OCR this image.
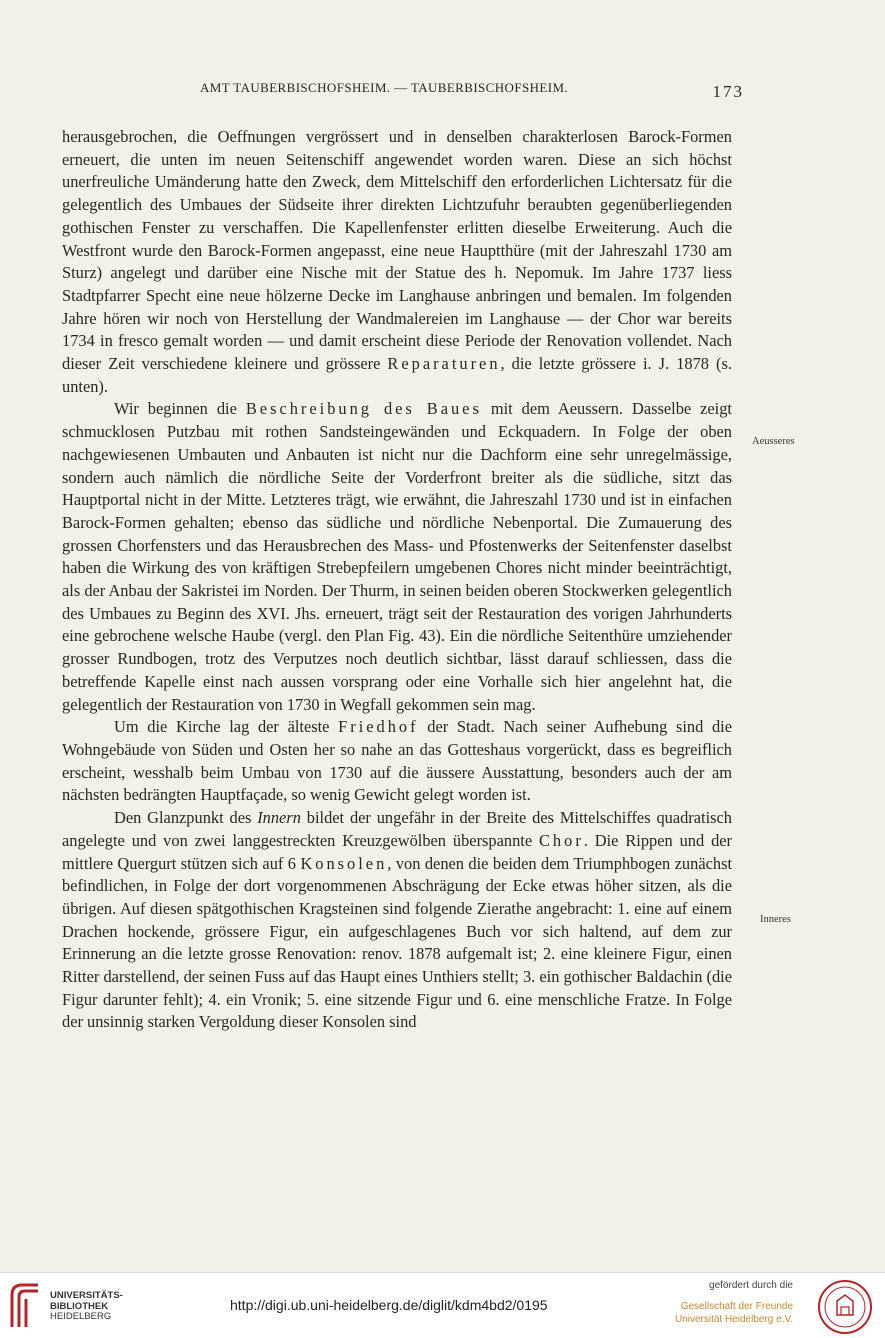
AMT TAUBERBISCHOFSHEIM. — TAUBERBISCHOFSHEIM.	173

herausgebrochen, die Oeffnungen vergrössert und in denselben charakterlosen Barock-Formen erneuert, die unten im neuen Seitenschiff angewendet worden waren. Diese an sich höchst unerfreuliche Umänderung hatte den Zweck, dem Mittelschiff den erforderlichen Lichtersatz für die gelegentlich des Umbaues der Südseite ihrer direkten Lichtzufuhr beraubten gegenüberliegenden gothischen Fenster zu verschaffen. Die Kapellenfenster erlitten dieselbe Erweiterung. Auch die Westfront wurde den Barock-Formen angepasst, eine neue Hauptthüre (mit der Jahreszahl 1730 am Sturz) angelegt und darüber eine Nische mit der Statue des h. Nepomuk. Im Jahre 1737 liess Stadtpfarrer Specht eine neue hölzerne Decke im Langhause anbringen und bemalen. Im folgenden Jahre hören wir noch von Herstellung der Wandmalereien im Langhause — der Chor war bereits 1734 in fresco gemalt worden — und damit erscheint diese Periode der Renovation vollendet. Nach dieser Zeit verschiedene kleinere und grössere Reparaturen, die letzte grössere i. J. 1878 (s. unten).

Wir beginnen die Beschreibung des Baues mit dem Aeussern. Dasselbe zeigt schmucklosen Putzbau mit rothen Sandsteingewänden und Eckquadern. In Folge der oben nachgewiesenen Umbauten und Anbauten ist nicht nur die Dachform eine sehr unregelmässige, sondern auch nämlich die nördliche Seite der Vorderfront breiter als die südliche, sitzt das Hauptportal nicht in der Mitte. Letzteres trägt, wie erwähnt, die Jahreszahl 1730 und ist in einfachen Barock-Formen gehalten; ebenso das südliche und nördliche Nebenportal. Die Zumauerung des grossen Chorfensters und das Herausbrechen des Mass- und Pfostenwerks der Seitenfenster daselbst haben die Wirkung des von kräftigen Strebepfeilern umgebenen Chores nicht minder beeinträchtigt, als der Anbau der Sakristei im Norden. Der Thurm, in seinen beiden oberen Stockwerken gelegentlich des Umbaues zu Beginn des XVI. Jhs. erneuert, trägt seit der Restauration des vorigen Jahrhunderts eine gebrochene welsche Haube (vergl. den Plan Fig. 43). Ein die nördliche Seitenthüre umziehender grosser Rundbogen, trotz des Verputzes noch deutlich sichtbar, lässt darauf schliessen, dass die betreffende Kapelle einst nach aussen vorsprang oder eine Vorhalle sich hier angelehnt hat, die gelegentlich der Restauration von 1730 in Wegfall gekommen sein mag.

Um die Kirche lag der älteste Friedhof der Stadt. Nach seiner Aufhebung sind die Wohngebäude von Süden und Osten her so nahe an das Gotteshaus vorgerückt, dass es begreiflich erscheint, wesshalb beim Umbau von 1730 auf die äussere Ausstattung, besonders auch der am nächsten bedrängten Hauptfaçade, so wenig Gewicht gelegt worden ist.

Den Glanzpunkt des Innern bildet der ungefähr in der Breite des Mittelschiffes quadratisch angelegte und von zwei langgestreckten Kreuzgewölben überspannte Chor. Die Rippen und der mittlere Quergurt stützen sich auf 6 Konsolen, von denen die beiden dem Triumphbogen zunächst befindlichen, in Folge der dort vorgenommenen Abschrägung der Ecke etwas höher sitzen, als die übrigen. Auf diesen spätgothischen Kragsteinen sind folgende Zierathe angebracht: 1. eine auf einem Drachen hockende, grössere Figur, ein aufgeschlagenes Buch vor sich haltend, auf dem zur Erinnerung an die letzte grosse Renovation: renov. 1878 aufgemalt ist; 2. eine kleinere Figur, einen Ritter darstellend, der seinen Fuss auf das Haupt eines Unthiers stellt; 3. ein gothischer Baldachin (die Figur darunter fehlt); 4. ein Vronik; 5. eine sitzende Figur und 6. eine menschliche Fratze. In Folge der unsinnig starken Vergoldung dieser Konsolen sind

Aeusseres
Inneres
UNIVERSITÄTS-
BIBLIOTHEK
HEIDELBERG
http://digi.ub.uni-heidelberg.de/diglit/kdm4bd2/0195
gefördert durch die
Gesellschaft der Freunde
Universität Heidelberg e.V.
